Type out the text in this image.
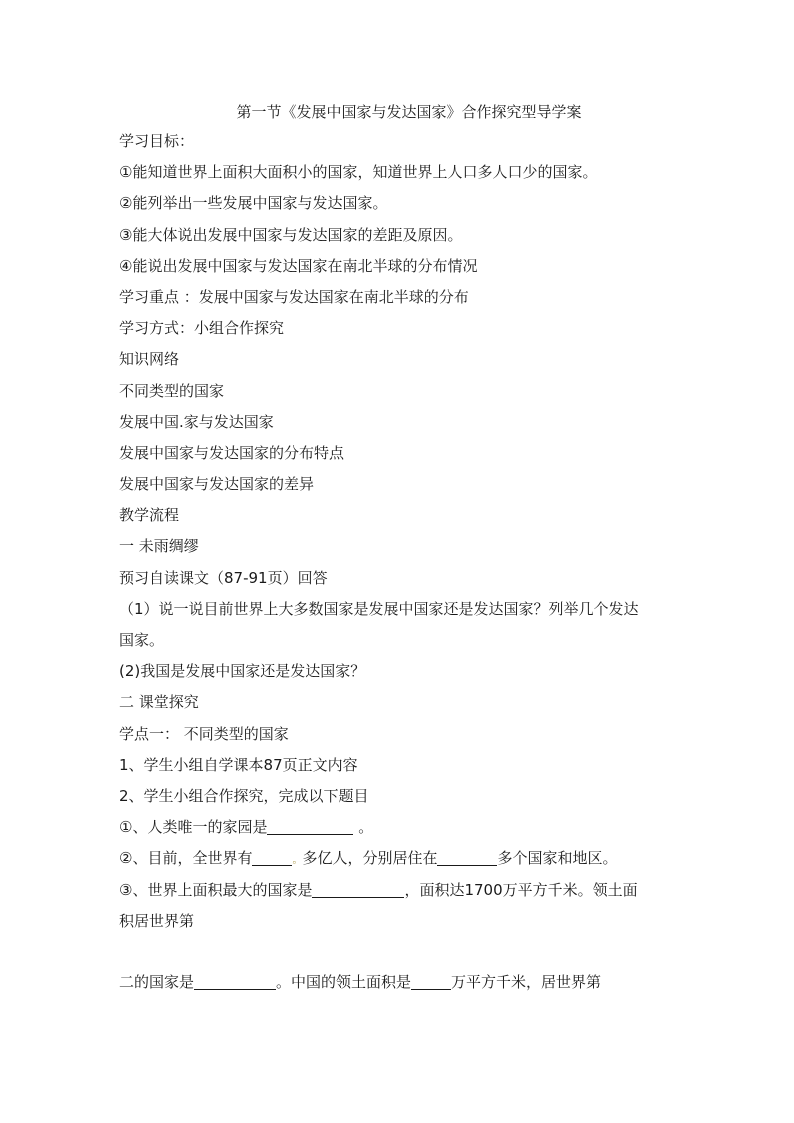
第一节《发展中国家与发达国家》合作探究型导学案
学习目标：
①能知道世界上面积大面积小的国家，知道世界上人口多人口少的国家。
②能列举出一些发展中国家与发达国家。
③能大体说出发展中国家与发达国家的差距及原因。
④能说出发展中国家与发达国家在南北半球的分布情况
学习重点 ：发展中国家与发达国家在南北半球的分布
学习方式：小组合作探究
知识网络
不同类型的国家
发展中国.家与发达国家
发展中国家与发达国家的分布特点
发展中国家与发达国家的差异
教学流程
一 未雨绸缪
预习自读课文（87-91页）回答
（1）说一说目前世界上大多数国家是发展中国家还是发达国家？列举几个发达
国家。
(2)我国是发展中国家还是发达国家？
二 课堂探究
学点一： 不同类型的国家
1、学生小组自学课本87页正文内容
2、学生小组合作探究，完成以下题目
①、人类唯一的家园是	。
②、目前，全世界有	。多亿人，分别居住在	多个国家和地区。
③、世界上面积最大的国家是	，面积达1700万平方千米。领土面
积居世界第
二的国家是	。中国的领土面积是	万平方千米，居世界第
